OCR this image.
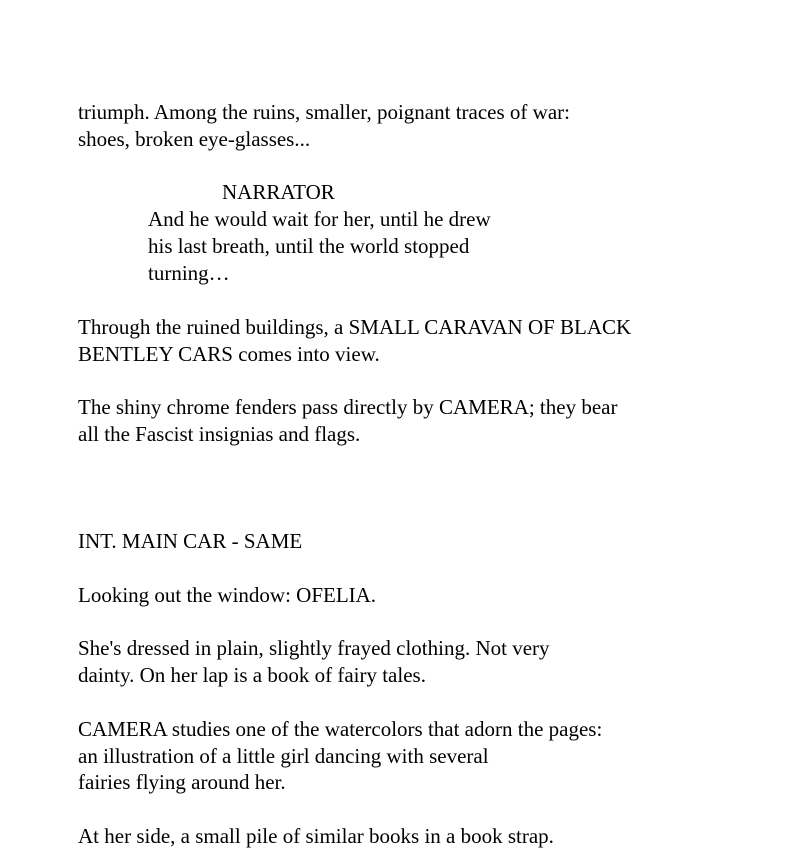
triumph. Among the ruins, smaller, poignant traces of war:

shoes, broken eye-glasses...

NARRATOR

And he would wait for her, until he drew

his last breath, until the world stopped

turning…

Through the ruined buildings, a SMALL CARAVAN OF BLACK

BENTLEY CARS comes into view.

The shiny chrome fenders pass directly by CAMERA; they bear

all the Fascist insignias and flags.

INT. MAIN CAR - SAME

Looking out the window: OFELIA.

She's dressed in plain, slightly frayed clothing. Not very

dainty. On her lap is a book of fairy tales.

CAMERA studies one of the watercolors that adorn the pages:

an illustration of a little girl dancing with several

fairies flying around her.

At her side, a small pile of similar books in a book strap.
